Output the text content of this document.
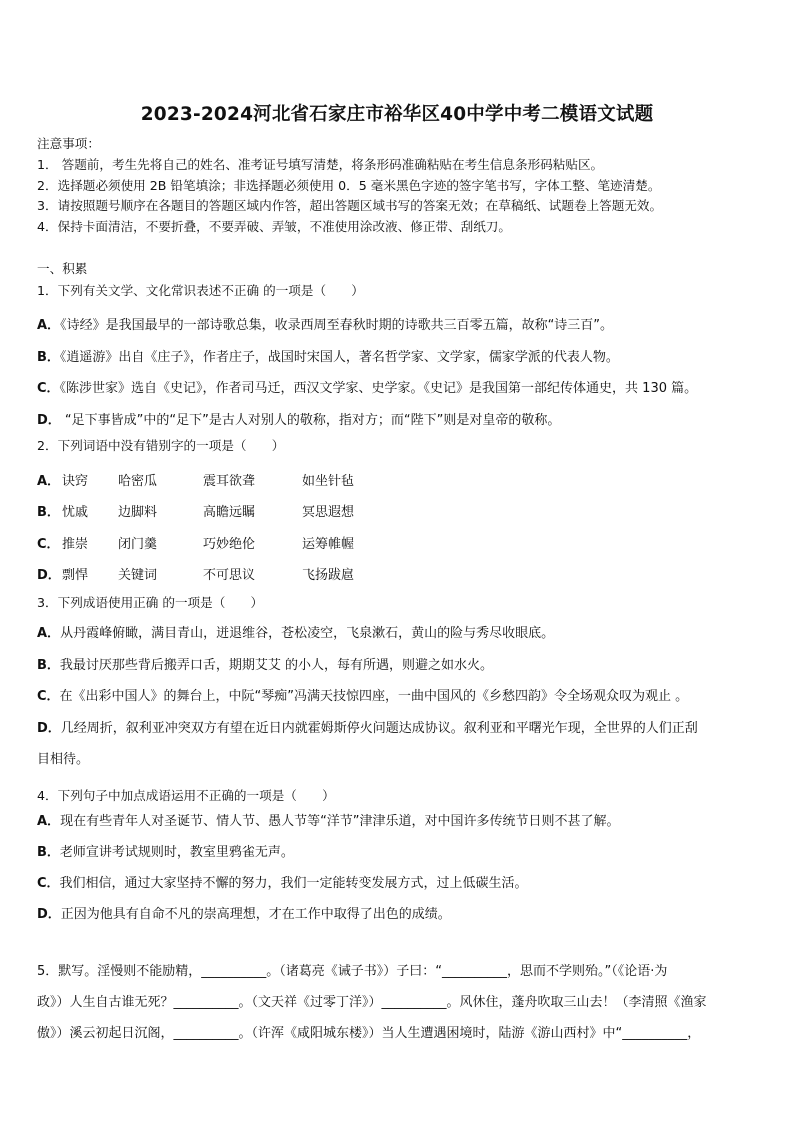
2023-2024河北省石家庄市裕华区40中学中考二模语文试题
注意事项：
1． 答题前，考生先将自己的姓名、准考证号填写清楚，将条形码准确粘贴在考生信息条形码粘贴区。
2．选择题必须使用 2B 铅笔填涂；非选择题必须使用 0．5 毫米黑色字迹的签字笔书写，字体工整、笔迹清楚。
3．请按照题号顺序在各题目的答题区域内作答，超出答题区域书写的答案无效；在草稿纸、试题卷上答题无效。
4．保持卡面清洁，不要折叠，不要弄破、弄皱，不准使用涂改液、修正带、刮纸刀。
一、积累
1．下列有关文学、文化常识表述不正确 的一项是（　　）
A．《诗经》是我国最早的一部诗歌总集，收录西周至春秋时期的诗歌共三百零五篇，故称“诗三百”。
B．《逍遥游》出自《庄子》，作者庄子，战国时宋国人，著名哲学家、文学家，儒家学派的代表人物。
C．《陈涉世家》选自《史记》，作者司马迁，西汉文学家、史学家。《史记》是我国第一部纪传体通史，共 130 篇。
D． “足下事皆成”中的“足下”是古人对别人的敬称，指对方；而“陛下”则是对皇帝的敬称。
2．下列词语中没有错别字的一项是（　　）
A． 诀窍 哈密瓜	震耳欲聋	如坐针毡
B． 忧戚 边脚料	高瞻远瞩	冥思遐想
C． 推崇 闭门羹	巧妙绝伦	运筹帷幄
D． 剽悍 关键词	不可思议	飞扬跋扈
3．下列成语使用正确 的一项是（　　）
A．从丹霞峰俯瞰，满目青山，迸退维谷，苍松凌空，飞泉漱石，黄山的险与秀尽收眼底。
B．我最讨厌那些背后搬弄口舌，期期艾艾 的小人，每有所遇，则避之如水火。
C．在《出彩中国人》的舞台上，中阮“琴痴”冯满天技惊四座，一曲中国风的《乡愁四韵》令全场观众叹为观止 。
D．几经周折，叙利亚冲突双方有望在近日内就霍姆斯停火问题达成协议。叙利亚和平曙光乍现，全世界的人们正刮
目相待。
4．下列句子中加点成语运用不正确的一项是（　　）
A．现在有些青年人对圣诞节、情人节、愚人节等“洋节”津津乐道，对中国许多传统节日则不甚了解。
B．老师宣讲考试规则时，教室里鸦雀无声。
C．我们相信，通过大家坚持不懈的努力，我们一定能转变发展方式，过上低碳生活。
D．正因为他具有自命不凡的崇高理想，才在工作中取得了出色的成绩。
5．默写。淫慢则不能励精，__________。（诸葛亮《诫子书》）子曰：“__________，思而不学则殆。”（《论语·为
政》）人生自古谁无死？__________。（文天祥《过零丁洋》）__________。风休住，蓬舟吹取三山去！（李清照《渔家
傲》）溪云初起日沉阁，__________。（许浑《咸阳城东楼》）当人生遭遇困境时，陆游《游山西村》中“__________，
